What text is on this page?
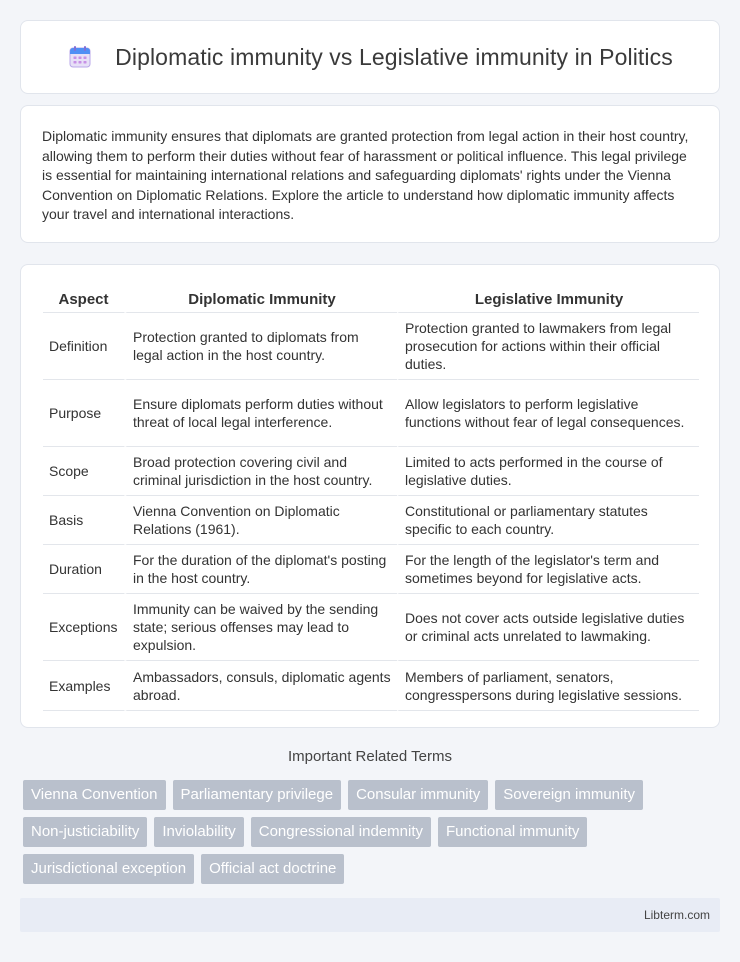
Diplomatic immunity vs Legislative immunity in Politics

Diplomatic immunity ensures that diplomats are granted protection from legal action in their host country, allowing them to perform their duties without fear of harassment or political influence. This legal privilege is essential for maintaining international relations and safeguarding diplomats' rights under the Vienna Convention on Diplomatic Relations. Explore the article to understand how diplomatic immunity affects your travel and international interactions.

Aspect	Diplomatic Immunity	Legislative Immunity
Definition	Protection granted to diplomats from legal action in the host country.	Protection granted to lawmakers from legal prosecution for actions within their official duties.
Purpose	Ensure diplomats perform duties without threat of local legal interference.	Allow legislators to perform legislative functions without fear of legal consequences.
Scope	Broad protection covering civil and criminal jurisdiction in the host country.	Limited to acts performed in the course of legislative duties.
Basis	Vienna Convention on Diplomatic Relations (1961).	Constitutional or parliamentary statutes specific to each country.
Duration	For the duration of the diplomat's posting in the host country.	For the length of the legislator's term and sometimes beyond for legislative acts.
Exceptions	Immunity can be waived by the sending state; serious offenses may lead to expulsion.	Does not cover acts outside legislative duties or criminal acts unrelated to lawmaking.
Examples	Ambassadors, consuls, diplomatic agents abroad.	Members of parliament, senators, congresspersons during legislative sessions.
Important Related Terms
Vienna Convention	Parliamentary privilege	Consular immunity	Sovereign immunity
Non-justiciability	Inviolability	Congressional indemnity	Functional immunity
Jurisdictional exception	Official act doctrine
Libterm.com
